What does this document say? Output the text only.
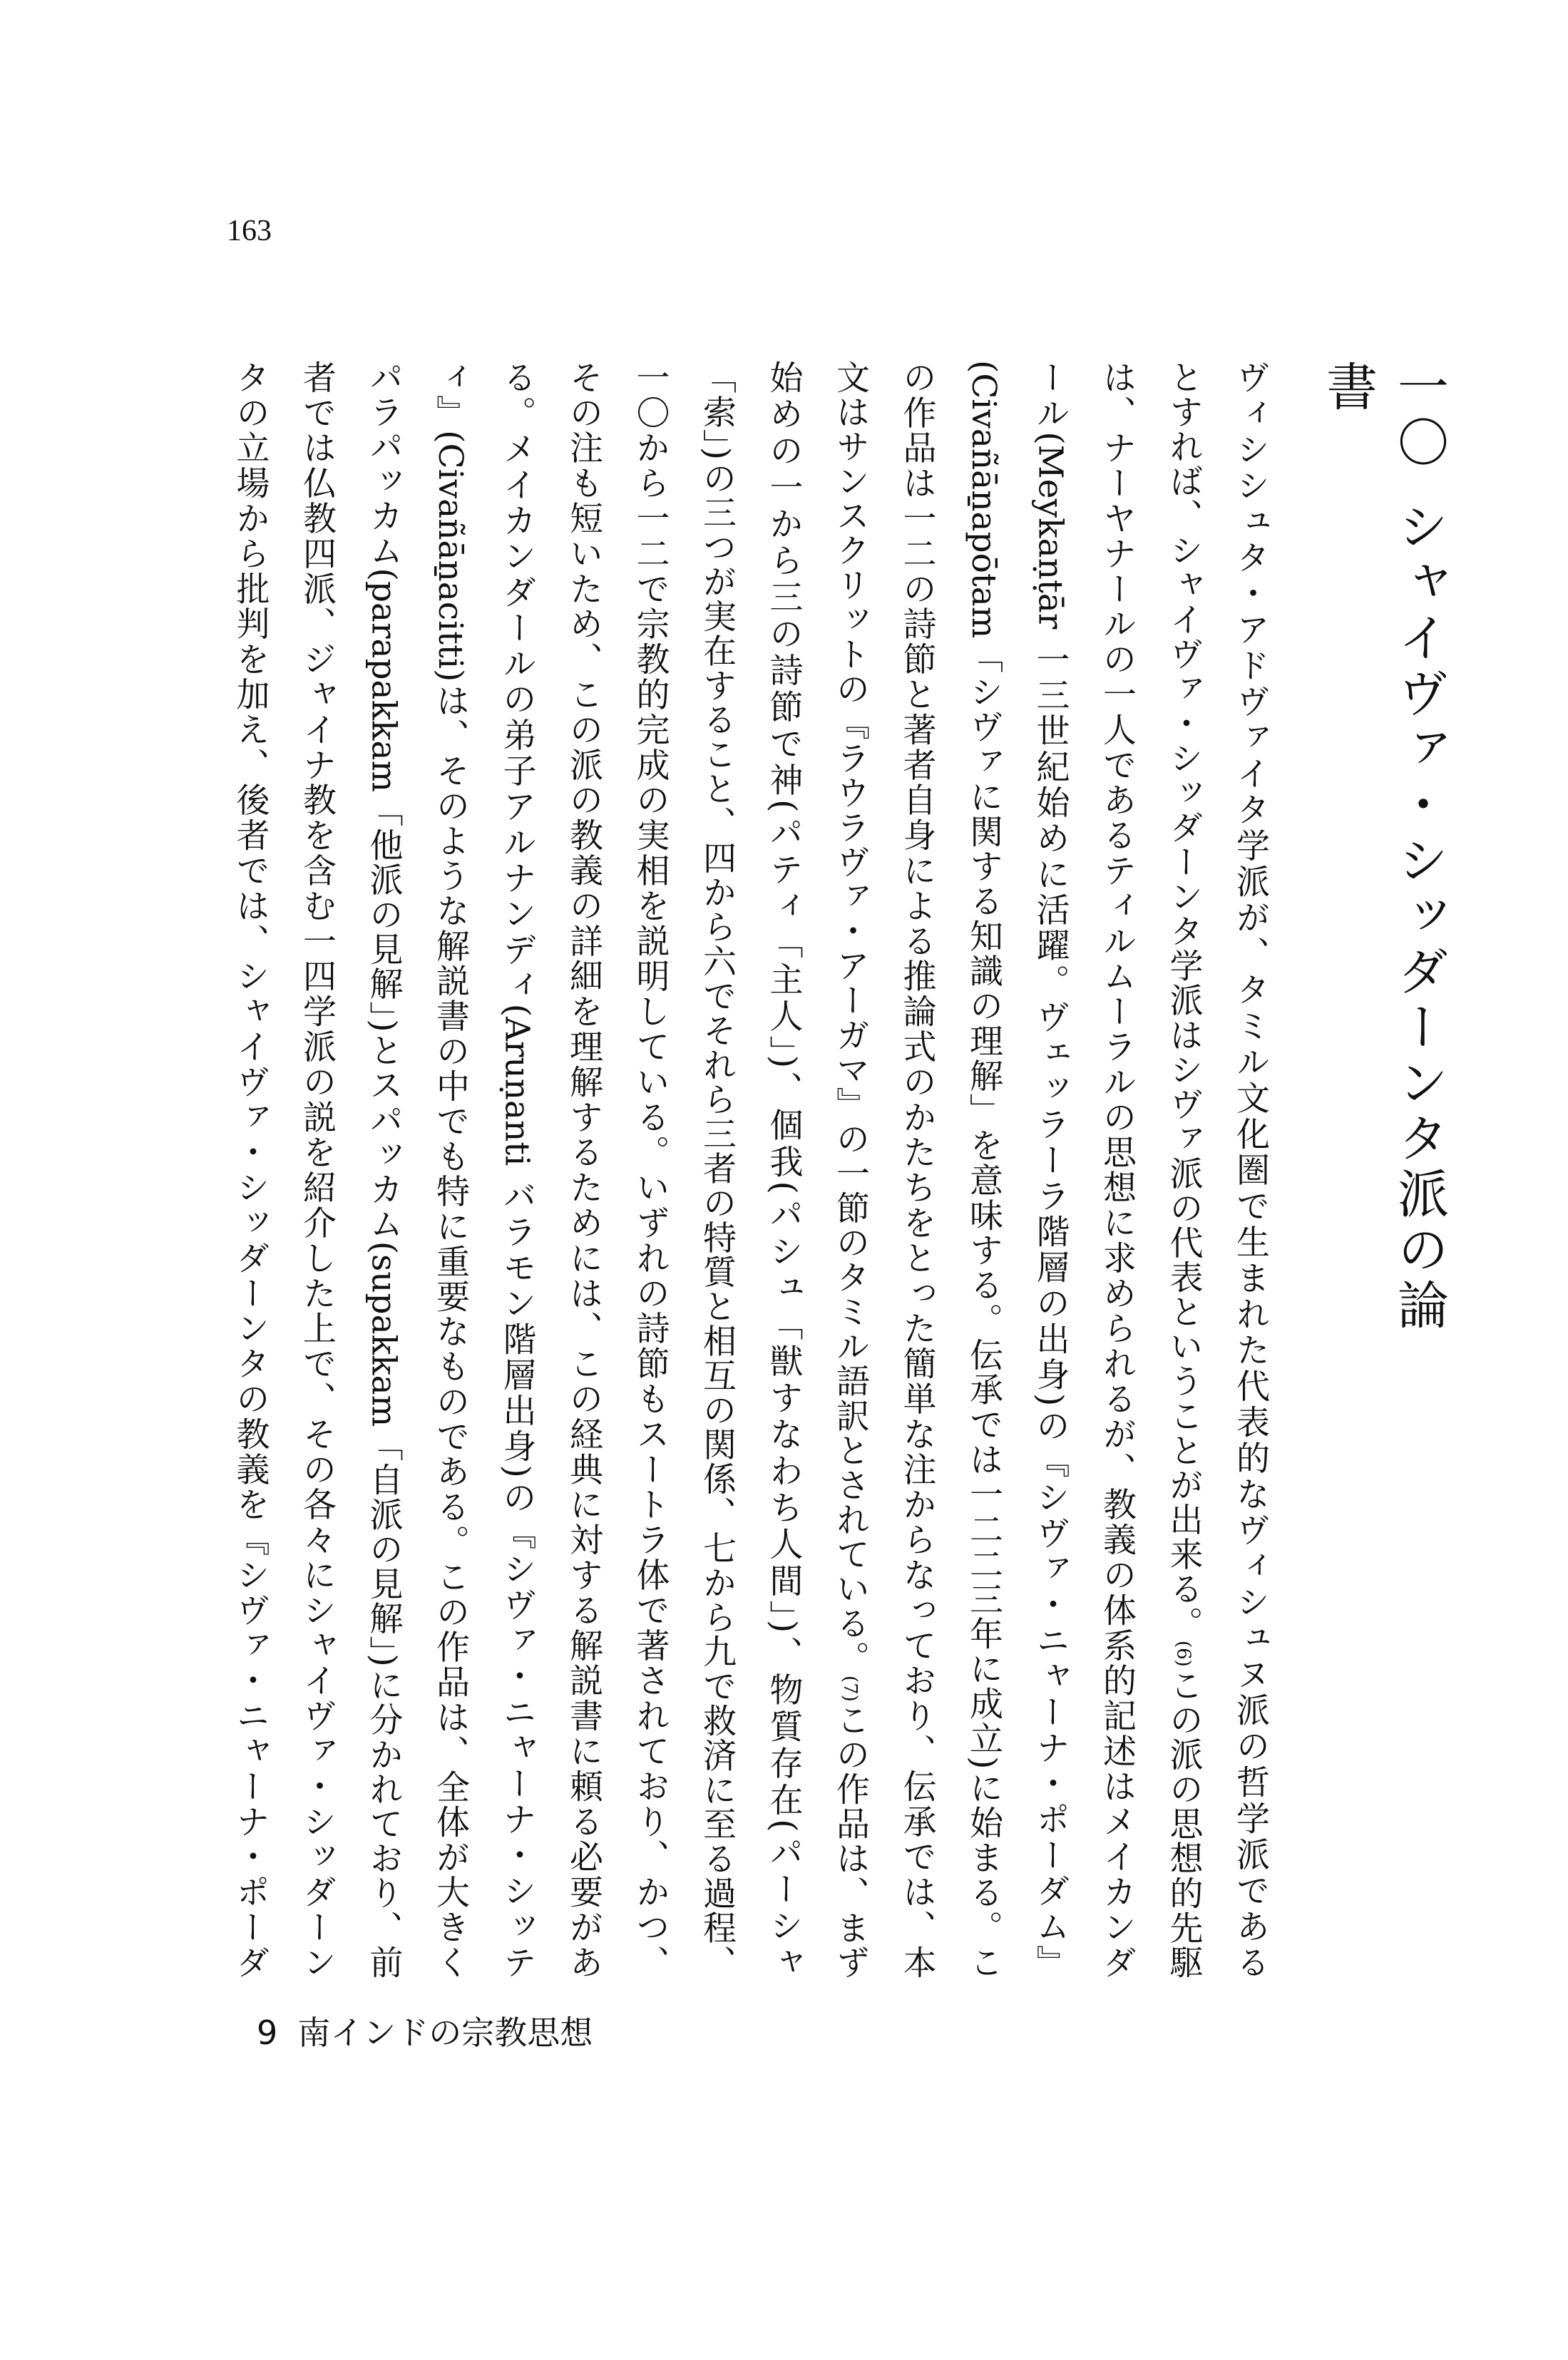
163
一〇シャイヴァ・シッダーンタ派の論書
ヴィシシュタ・アドヴァイタ学派が、タミル文化圏で生まれた代表的なヴィシュヌ派の哲学派である
とすれば、シャイヴァ・シッダーンタ学派はシヴァ派の代表ということが出来る。(6)この派の思想的先駆
は、ナーヤナールの一人であるティルムーラルの思想に求められるが、教義の体系的記述はメイカンダ
ール(Meykaṇṭār 一三世紀始めに活躍。ヴェッラーラ階層の出身)の『シヴァ・ニャーナ・ポーダム』
(Civañāṉapōtam「シヴァに関する知識の理解」を意味する。伝承では一二二三年に成立)に始まる。こ
の作品は一二の詩節と著者自身による推論式のかたちをとった簡単な注からなっており、伝承では、本
文はサンスクリットの『ラウラヴァ・アーガマ』の一節のタミル語訳とされている。(7)この作品は、まず
始めの一から三の詩節で神(パティ「主人」)、個我(パシュ「獣すなわち人間」)、物質存在(パーシャ
「索」)の三つが実在すること、四から六でそれら三者の特質と相互の関係、七から九で救済に至る過程、
一〇から一二で宗教的完成の実相を説明している。いずれの詩節もスートラ体で著されており、かつ、
その注も短いため、この派の教義の詳細を理解するためには、この経典に対する解説書に頼る必要があ
る。メイカンダールの弟子アルナンディ(Aruṇanti バラモン階層出身)の『シヴァ・ニャーナ・シッテ
ィ』(Civañāṉacitti)は、そのような解説書の中でも特に重要なものである。この作品は、全体が大きく
パラパッカム(parapakkam「他派の見解」)とスパッカム(supakkam「自派の見解」)に分かれており、前
者では仏教四派、ジャイナ教を含む一四学派の説を紹介した上で、その各々にシャイヴァ・シッダーン
タの立場から批判を加え、後者では、シャイヴァ・シッダーンタの教義を『シヴァ・ニャーナ・ポーダ
9 南インドの宗教思想
